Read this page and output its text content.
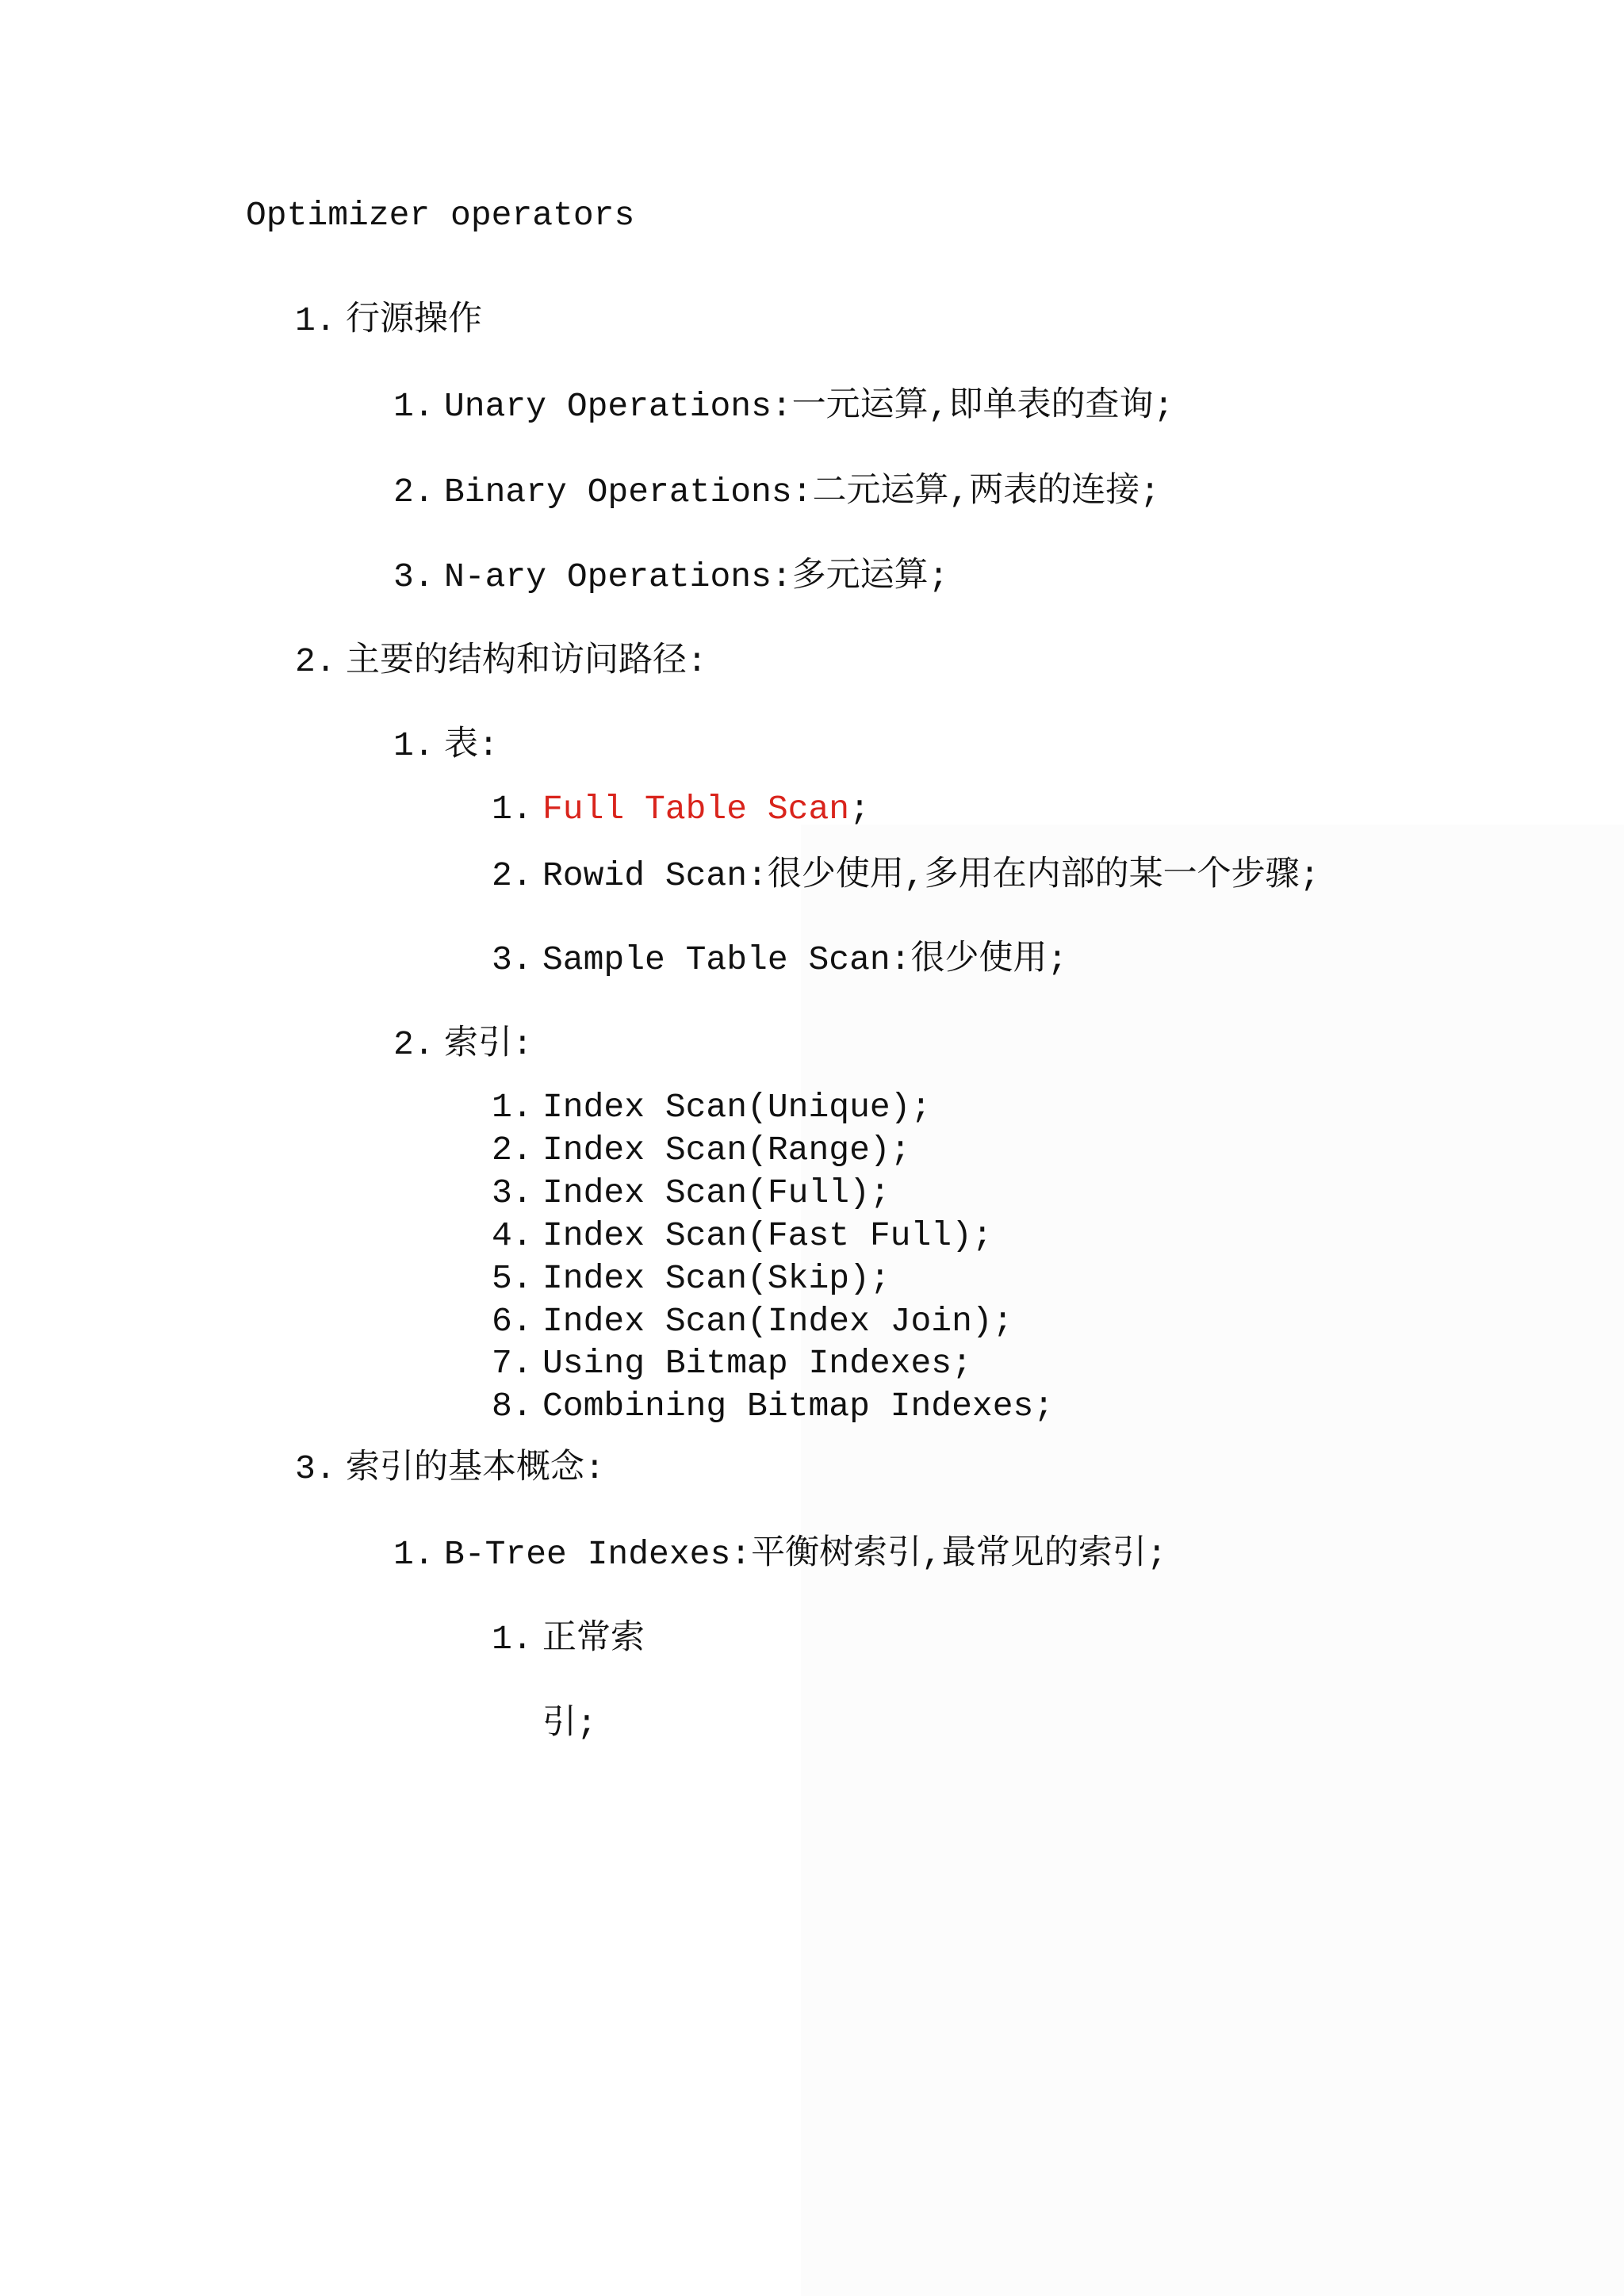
Optimizer operators
1. 行源操作
1. Unary Operations:一元运算,即单表的查询;
2. Binary Operations:二元运算,两表的连接;
3. N-ary Operations:多元运算;
2. 主要的结构和访问路径:
1. 表:
1. Full Table Scan;
2. Rowid Scan:很少使用,多用在内部的某一个步骤;
3. Sample Table Scan:很少使用;
2. 索引:
1. Index Scan(Unique);
2. Index Scan(Range);
3. Index Scan(Full);
4. Index Scan(Fast Full);
5. Index Scan(Skip);
6. Index Scan(Index Join);
7. Using Bitmap Indexes;
8. Combining Bitmap Indexes;
3. 索引的基本概念:
1. B-Tree Indexes:平衡树索引,最常见的索引;
1. 正常索
引;
